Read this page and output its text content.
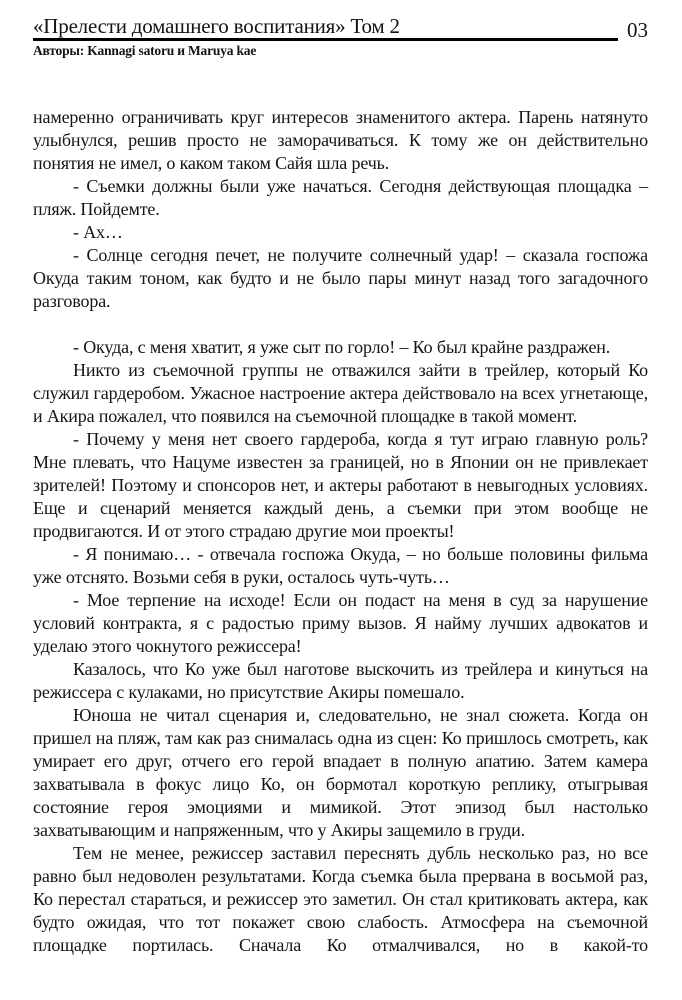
«Прелести домашнего воспитания» Том 2	03
Авторы: Kannagi satoru и Maruya kae

намеренно ограничивать круг интересов знаменитого актера. Парень натянуто улыбнулся, решив просто не заморачиваться. К тому же он действительно понятия не имел, о каком таком Сайя шла речь.

- Съемки должны были уже начаться. Сегодня действующая площадка – пляж. Пойдемте.

- Ах…

- Солнце сегодня печет, не получите солнечный удар! – сказала госпожа Окуда таким тоном, как будто и не было пары минут назад того загадочного разговора.

- Окуда, с меня хватит, я уже сыт по горло! – Ко был крайне раздражен.

Никто из съемочной группы не отважился зайти в трейлер, который Ко служил гардеробом. Ужасное настроение актера действовало на всех угнетающе, и Акира пожалел, что появился на съемочной площадке в такой момент.

- Почему у меня нет своего гардероба, когда я тут играю главную роль? Мне плевать, что Нацуме известен за границей, но в Японии он не привлекает зрителей! Поэтому и спонсоров нет, и актеры работают в невыгодных условиях. Еще и сценарий меняется каждый день, а съемки при этом вообще не продвигаются. И от этого страдаю другие мои проекты!

- Я понимаю… - отвечала госпожа Окуда, – но больше половины фильма уже отснято. Возьми себя в руки, осталось чуть-чуть…

- Мое терпение на исходе! Если он подаст на меня в суд за нарушение условий контракта, я с радостью приму вызов. Я найму лучших адвокатов и уделаю этого чокнутого режиссера!

Казалось, что Ко уже был наготове выскочить из трейлера и кинуться на режиссера с кулаками, но присутствие Акиры помешало.

Юноша не читал сценария и, следовательно, не знал сюжета. Когда он пришел на пляж, там как раз снималась одна из сцен: Ко пришлось смотреть, как умирает его друг, отчего его герой впадает в полную апатию. Затем камера захватывала в фокус лицо Ко, он бормотал короткую реплику, отыгрывая состояние героя эмоциями и мимикой. Этот эпизод был настолько захватывающим и напряженным, что у Акиры защемило в груди.

Тем не менее, режиссер заставил переснять дубль несколько раз, но все равно был недоволен результатами. Когда съемка была прервана в восьмой раз, Ко перестал стараться, и режиссер это заметил. Он стал критиковать актера, как будто ожидая, что тот покажет свою слабость. Атмосфера на съемочной площадке портилась. Сначала Ко отмалчивался, но в какой-то
